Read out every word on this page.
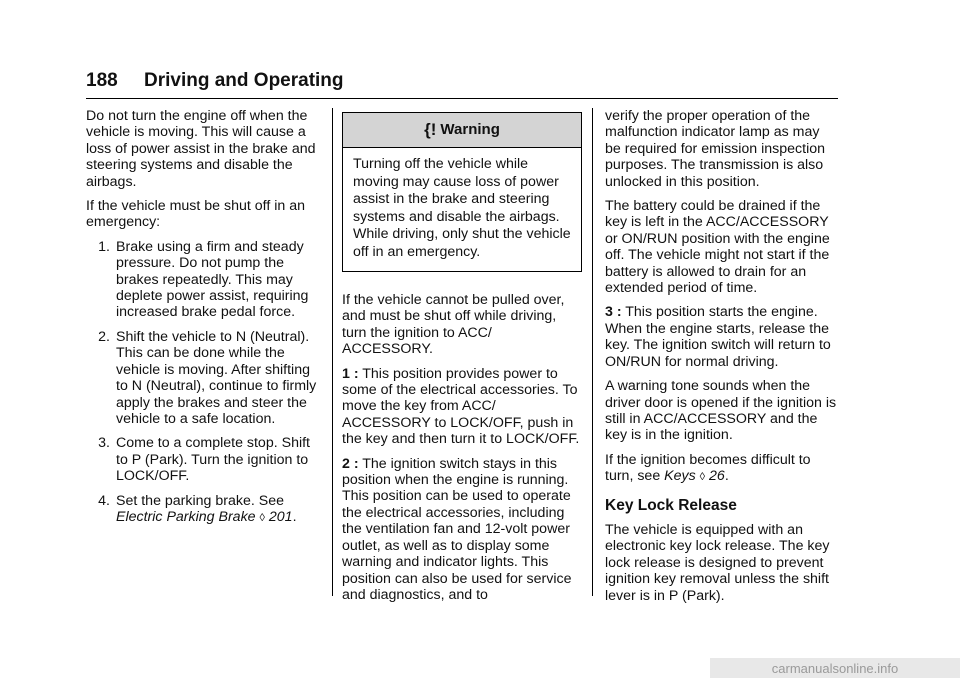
188 Driving and Operating

Do not turn the engine off when the vehicle is moving. This will cause a loss of power assist in the brake and steering systems and disable the airbags.

If the vehicle must be shut off in an emergency:

1. Brake using a firm and steady pressure. Do not pump the brakes repeatedly. This may deplete power assist, requiring increased brake pedal force.
2. Shift the vehicle to N (Neutral). This can be done while the vehicle is moving. After shifting to N (Neutral), continue to firmly apply the brakes and steer the vehicle to a safe location.
3. Come to a complete stop. Shift to P (Park). Turn the ignition to LOCK/OFF.
4. Set the parking brake. See Electric Parking Brake ◊ 201.
{! Warning
Turning off the vehicle while moving may cause loss of power assist in the brake and steering systems and disable the airbags. While driving, only shut the vehicle off in an emergency.

If the vehicle cannot be pulled over, and must be shut off while driving, turn the ignition to ACC/ ACCESSORY.

1 : This position provides power to some of the electrical accessories. To move the key from ACC/ ACCESSORY to LOCK/OFF, push in the key and then turn it to LOCK/OFF.

2 : The ignition switch stays in this position when the engine is running. This position can be used to operate the electrical accessories, including the ventilation fan and 12-volt power outlet, as well as to display some warning and indicator lights. This position can also be used for service and diagnostics, and to

verify the proper operation of the malfunction indicator lamp as may be required for emission inspection purposes. The transmission is also unlocked in this position.

The battery could be drained if the key is left in the ACC/ACCESSORY or ON/RUN position with the engine off. The vehicle might not start if the battery is allowed to drain for an extended period of time.

3 : This position starts the engine. When the engine starts, release the key. The ignition switch will return to ON/RUN for normal driving.

A warning tone sounds when the driver door is opened if the ignition is still in ACC/ACCESSORY and the key is in the ignition.

If the ignition becomes difficult to turn, see Keys ◊ 26.

Key Lock Release

The vehicle is equipped with an electronic key lock release. The key lock release is designed to prevent ignition key removal unless the shift lever is in P (Park).

carmanualsonline.info
